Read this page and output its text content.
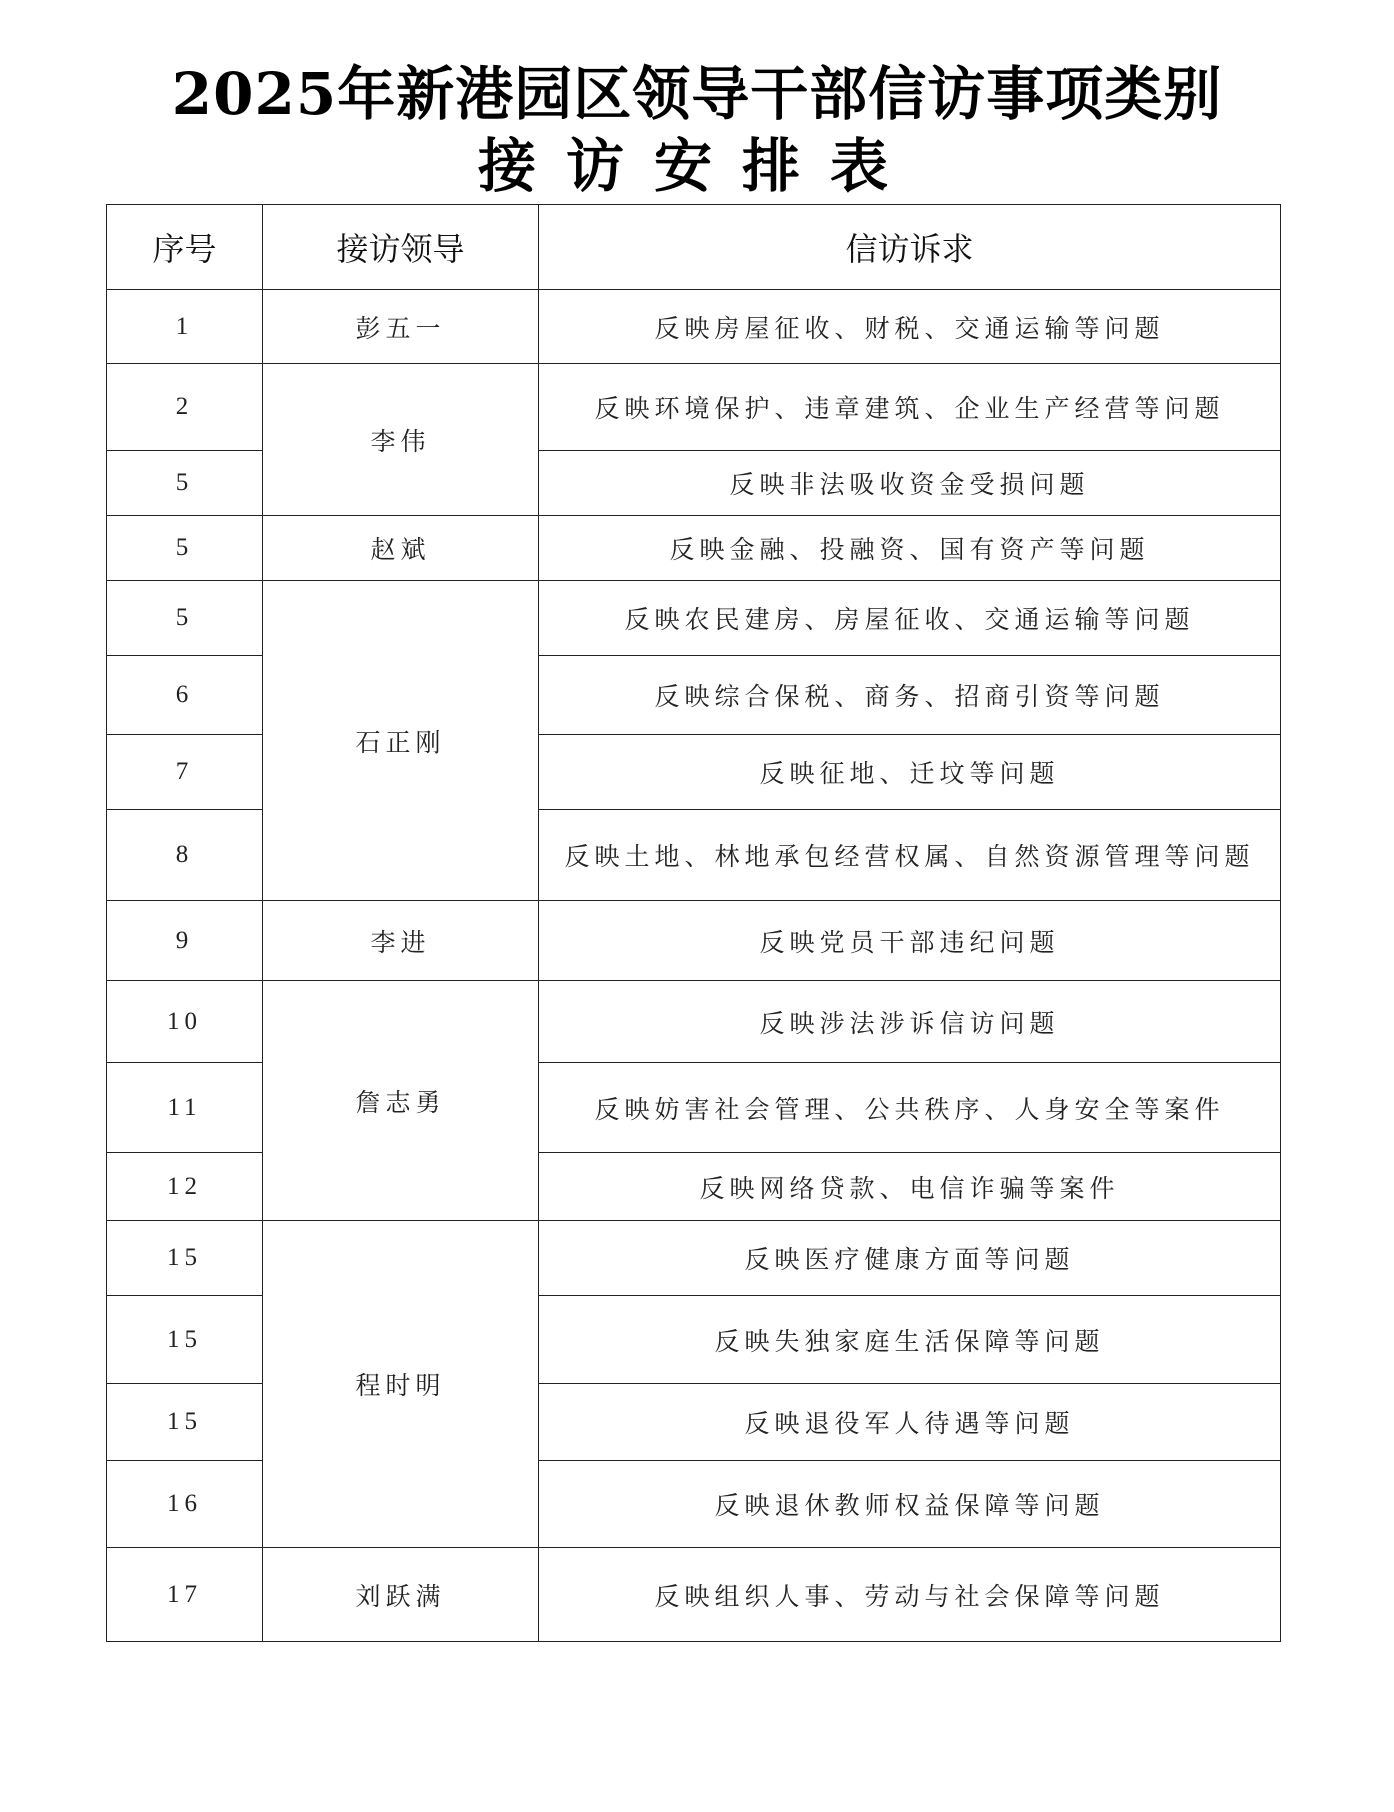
2025年新港园区领导干部信访事项类别
接访安排表
序号	接访领导	信访诉求
1	彭五一	反映房屋征收、财税、交通运输等问题
2	李伟	反映环境保护、违章建筑、企业生产经营等问题
5		反映非法吸收资金受损问题
5	赵斌	反映金融、投融资、国有资产等问题
5	石正刚	反映农民建房、房屋征收、交通运输等问题
6		反映综合保税、商务、招商引资等问题
7		反映征地、迁坟等问题
8		反映土地、林地承包经营权属、自然资源管理等问题
9	李进	反映党员干部违纪问题
10	詹志勇	反映涉法涉诉信访问题
11		反映妨害社会管理、公共秩序、人身安全等案件
12		反映网络贷款、电信诈骗等案件
15	程时明	反映医疗健康方面等问题
15		反映失独家庭生活保障等问题
15		反映退役军人待遇等问题
16		反映退休教师权益保障等问题
17	刘跃满	反映组织人事、劳动与社会保障等问题
